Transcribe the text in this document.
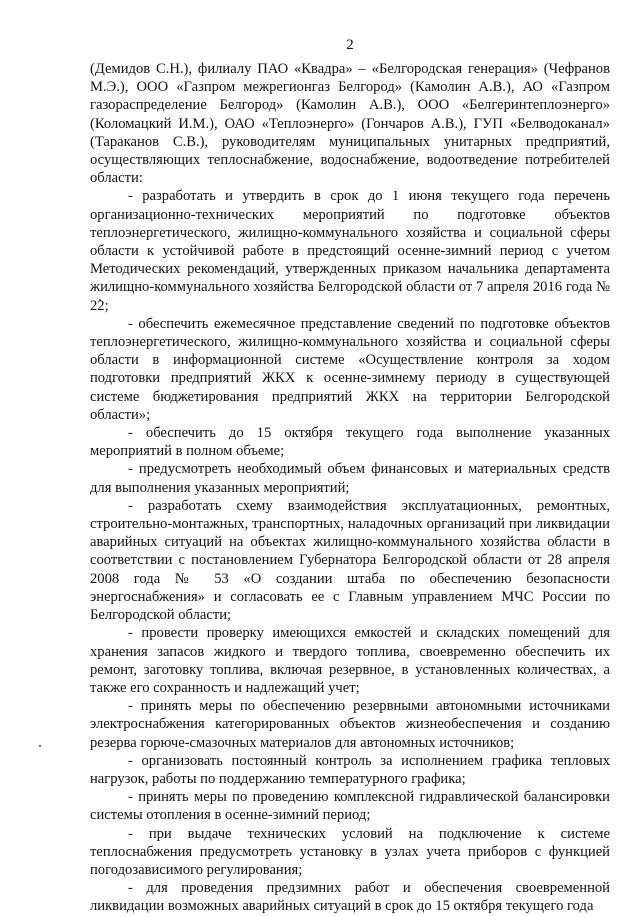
2

(Демидов С.Н.), филиалу ПАО «Квадра» – «Белгородская генерация» (Чефранов М.Э.), ООО «Газпром межрегионгаз Белгород» (Камолин А.В.), АО «Газпром газораспределение Белгород» (Камолин А.В.), ООО «Белгеринтеплоэнерго» (Коломацкий И.М.), ОАО «Теплоэнерго» (Гончаров А.В.), ГУП «Белводоканал» (Тараканов С.В.), руководителям муниципальных унитарных предприятий, осуществляющих теплоснабжение, водоснабжение, водоотведение потребителей области:

- разработать и утвердить в срок до 1 июня текущего года перечень организационно-технических мероприятий по подготовке объектов теплоэнергетического, жилищно-коммунального хозяйства и социальной сферы области к устойчивой работе в предстоящий осенне-зимний период с учетом Методических рекомендаций, утвержденных приказом начальника департамента жилищно-коммунального хозяйства Белгородской области от 7 апреля 2016 года № 22;

- обеспечить ежемесячное представление сведений по подготовке объектов теплоэнергетического, жилищно-коммунального хозяйства и социальной сферы области в информационной системе «Осуществление контроля за ходом подготовки предприятий ЖКХ к осенне-зимнему периоду в существующей системе бюджетирования предприятий ЖКХ на территории Белгородской области»;

- обеспечить до 15 октября текущего года выполнение указанных мероприятий в полном объеме;

- предусмотреть необходимый объем финансовых и материальных средств для выполнения указанных мероприятий;

- разработать схему взаимодействия эксплуатационных, ремонтных, строительно-монтажных, транспортных, наладочных организаций при ликвидации аварийных ситуаций на объектах жилищно-коммунального хозяйства области в соответствии с постановлением Губернатора Белгородской области от 28 апреля 2008 года № 53 «О создании штаба по обеспечению безопасности энергоснабжения» и согласовать ее с Главным управлением МЧС России по Белгородской области;

- провести проверку имеющихся емкостей и складских помещений для хранения запасов жидкого и твердого топлива, своевременно обеспечить их ремонт, заготовку топлива, включая резервное, в установленных количествах, а также его сохранность и надлежащий учет;

- принять меры по обеспечению резервными автономными источниками электроснабжения категорированных объектов жизнеобеспечения и созданию резерва горюче-смазочных материалов для автономных источников;

- организовать постоянный контроль за исполнением графика тепловых нагрузок, работы по поддержанию температурного графика;

- принять меры по проведению комплексной гидравлической балансировки системы отопления в осенне-зимний период;

- при выдаче технических условий на подключение к системе теплоснабжения предусмотреть установку в узлах учета приборов с функцией погодозависимого регулирования;

- для проведения предзимних работ и обеспечения своевременной ликвидации возможных аварийных ситуаций в срок до 15 октября текущего года
